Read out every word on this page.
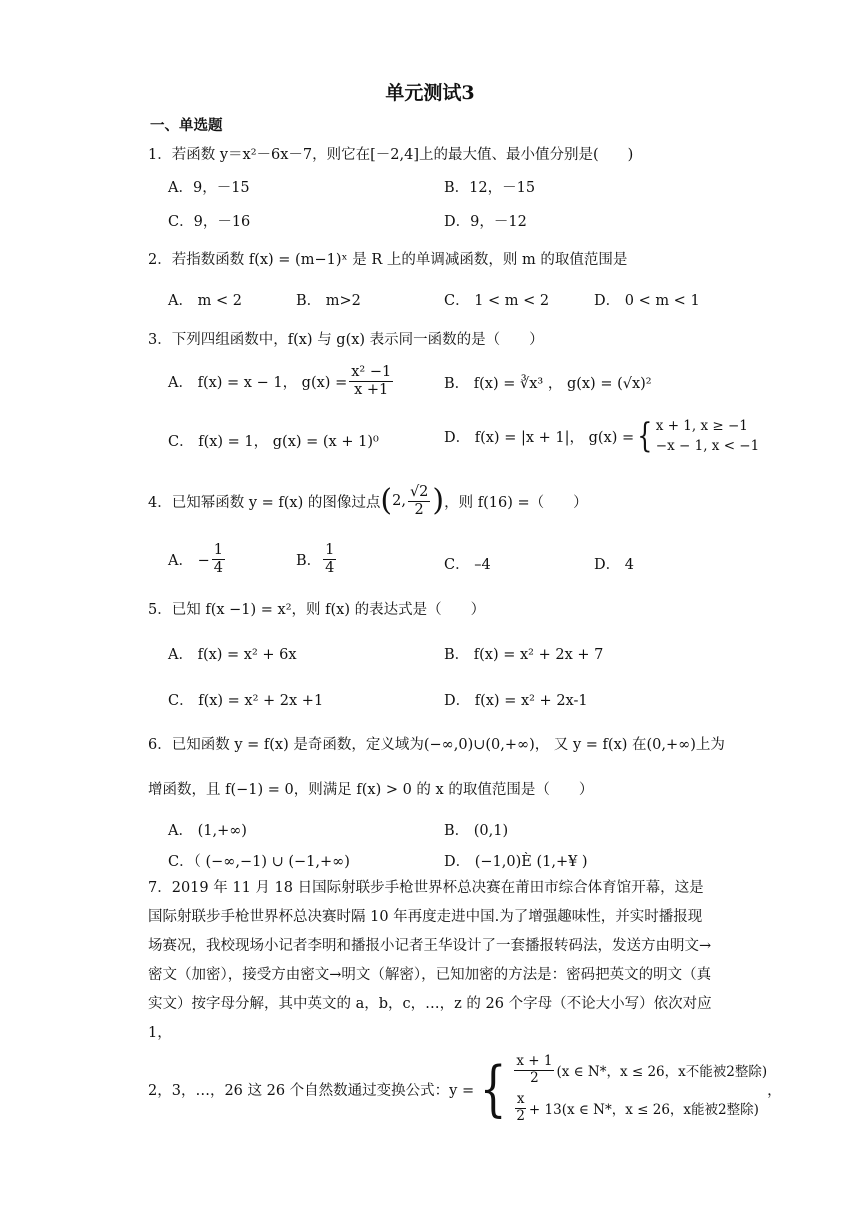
单元测试3
一、单选题
1．若函数 y＝x²－6x－7，则它在[－2,4]上的最大值、最小值分别是(　　)
A．9，－15	B．12，－15
C．9，－16	D．9，－12
2．若指数函数 f(x) = (m−1)ˣ 是 R 上的单调减函数，则 m 的取值范围是
A． m < 2	B． m>2	C． 1 < m < 2	D． 0 < m < 1
3．下列四组函数中，f(x) 与 g(x) 表示同一函数的是（　　）
A． f(x) = x − 1， $g(x) = \frac{\text{x² −1}}{x +1}$	B． f(x) = ∛x³ ， g(x) = (√x)²
C． f(x) = 1， g(x) = (x + 1)⁰	D． f(x) = |x + 1|， g(x) = { x + 1, x ≥ −1
−x − 1, x < −1
4．已知幂函数 y = f(x) 的图像过点 ( 2, $\frac{√2}{2}$ ) ，则 f(16) =（　　）
A． − $\frac{1}{4}$	B． $\frac{1}{4}$	C． –4	D． 4
5．已知 f(x −1) = x²，则 f(x) 的表达式是（　　）
A． f(x) = x² + 6x	B． f(x) = x² + 2x + 7
C． f(x) = x² + 2x +1	D． f(x) = x² + 2x-1
6．已知函数 y = f(x) 是奇函数，定义域为(−∞,0)∪(0,+∞)， 又 y = f(x) 在(0,+∞)上为
增函数，且 f(−1) = 0，则满足 f(x) > 0 的 x 的取值范围是（　　）
A． (1,+∞)	B． (0,1)
C．（ (−∞,−1) ∪ (−1,+∞)	D． (−1,0)È (1,+¥ )
7．2019 年 11 月 18 日国际射联步手枪世界杯总决赛在莆田市综合体育馆开幕，这是国际射联步手枪世界杯总决赛时隔 10 年再度走进中国.为了增强趣味性，并实时播报现场赛况，我校现场小记者李明和播报小记者王华设计了一套播报转码法，发送方由明文→密文（加密），接受方由密文→明文（解密），已知加密的方法是：密码把英文的明文（真实文）按字母分解，其中英文的 a，b，c，…，z 的 26 个字母（不论大小写）依次对应 1，
2，3，…，26 这 26 个自然数通过变换公式：y = { $\frac{x + 1}{2} (x$ ∈ N*，x ≤ 26，x不能被2整除)
$\frac{x}{2} + 13(x$ ∈ N*，x ≤ 26，x能被2整除)
，
